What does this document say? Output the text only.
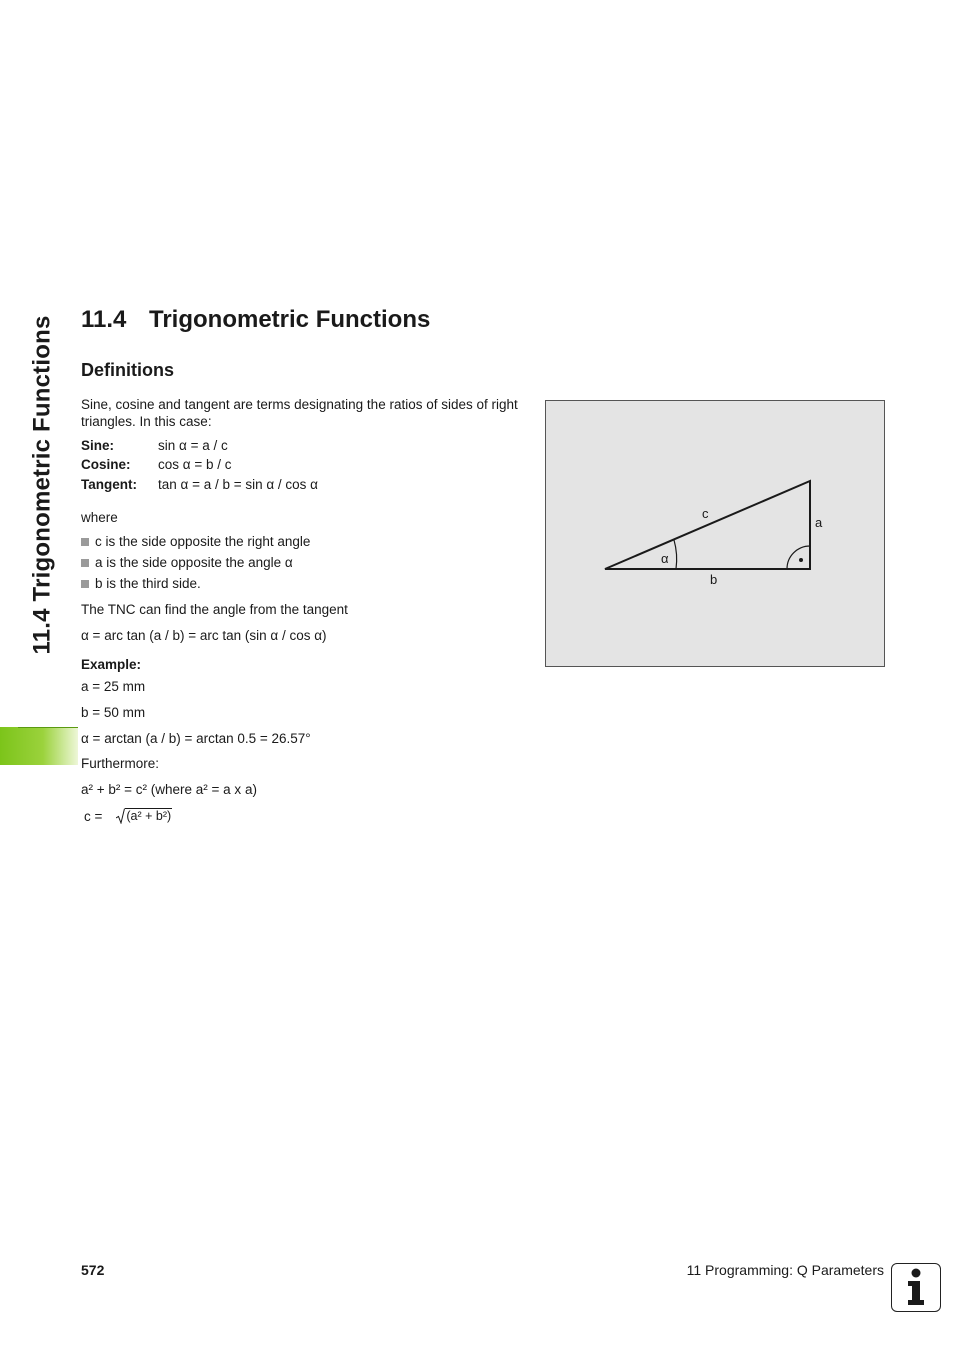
11.4 Trigonometric Functions 11.4 Trigonometric Functions
Definitions

Sine, cosine and tangent are terms designating the ratios of sides of right triangles. In this case:

Sine:	sin α = a / c
Cosine: cos α = b / c
Tangent: tan α = a / b = sin α / cos α
where
c is the side opposite the right angle
a is the side opposite the angle α
b is the third side.
The TNC can find the angle from the tangent
α = arc tan (a / b) = arc tan (sin α / cos α)
Example:
a = 25 mm
b = 50 mm
α = arctan (a / b) = arctan 0.5 = 26.57°
Furthermore:
a² + b² = c² (where a² = a x a)
c = (a² + b²)
c
a
b
α
572	11 Programming: Q Parameters
